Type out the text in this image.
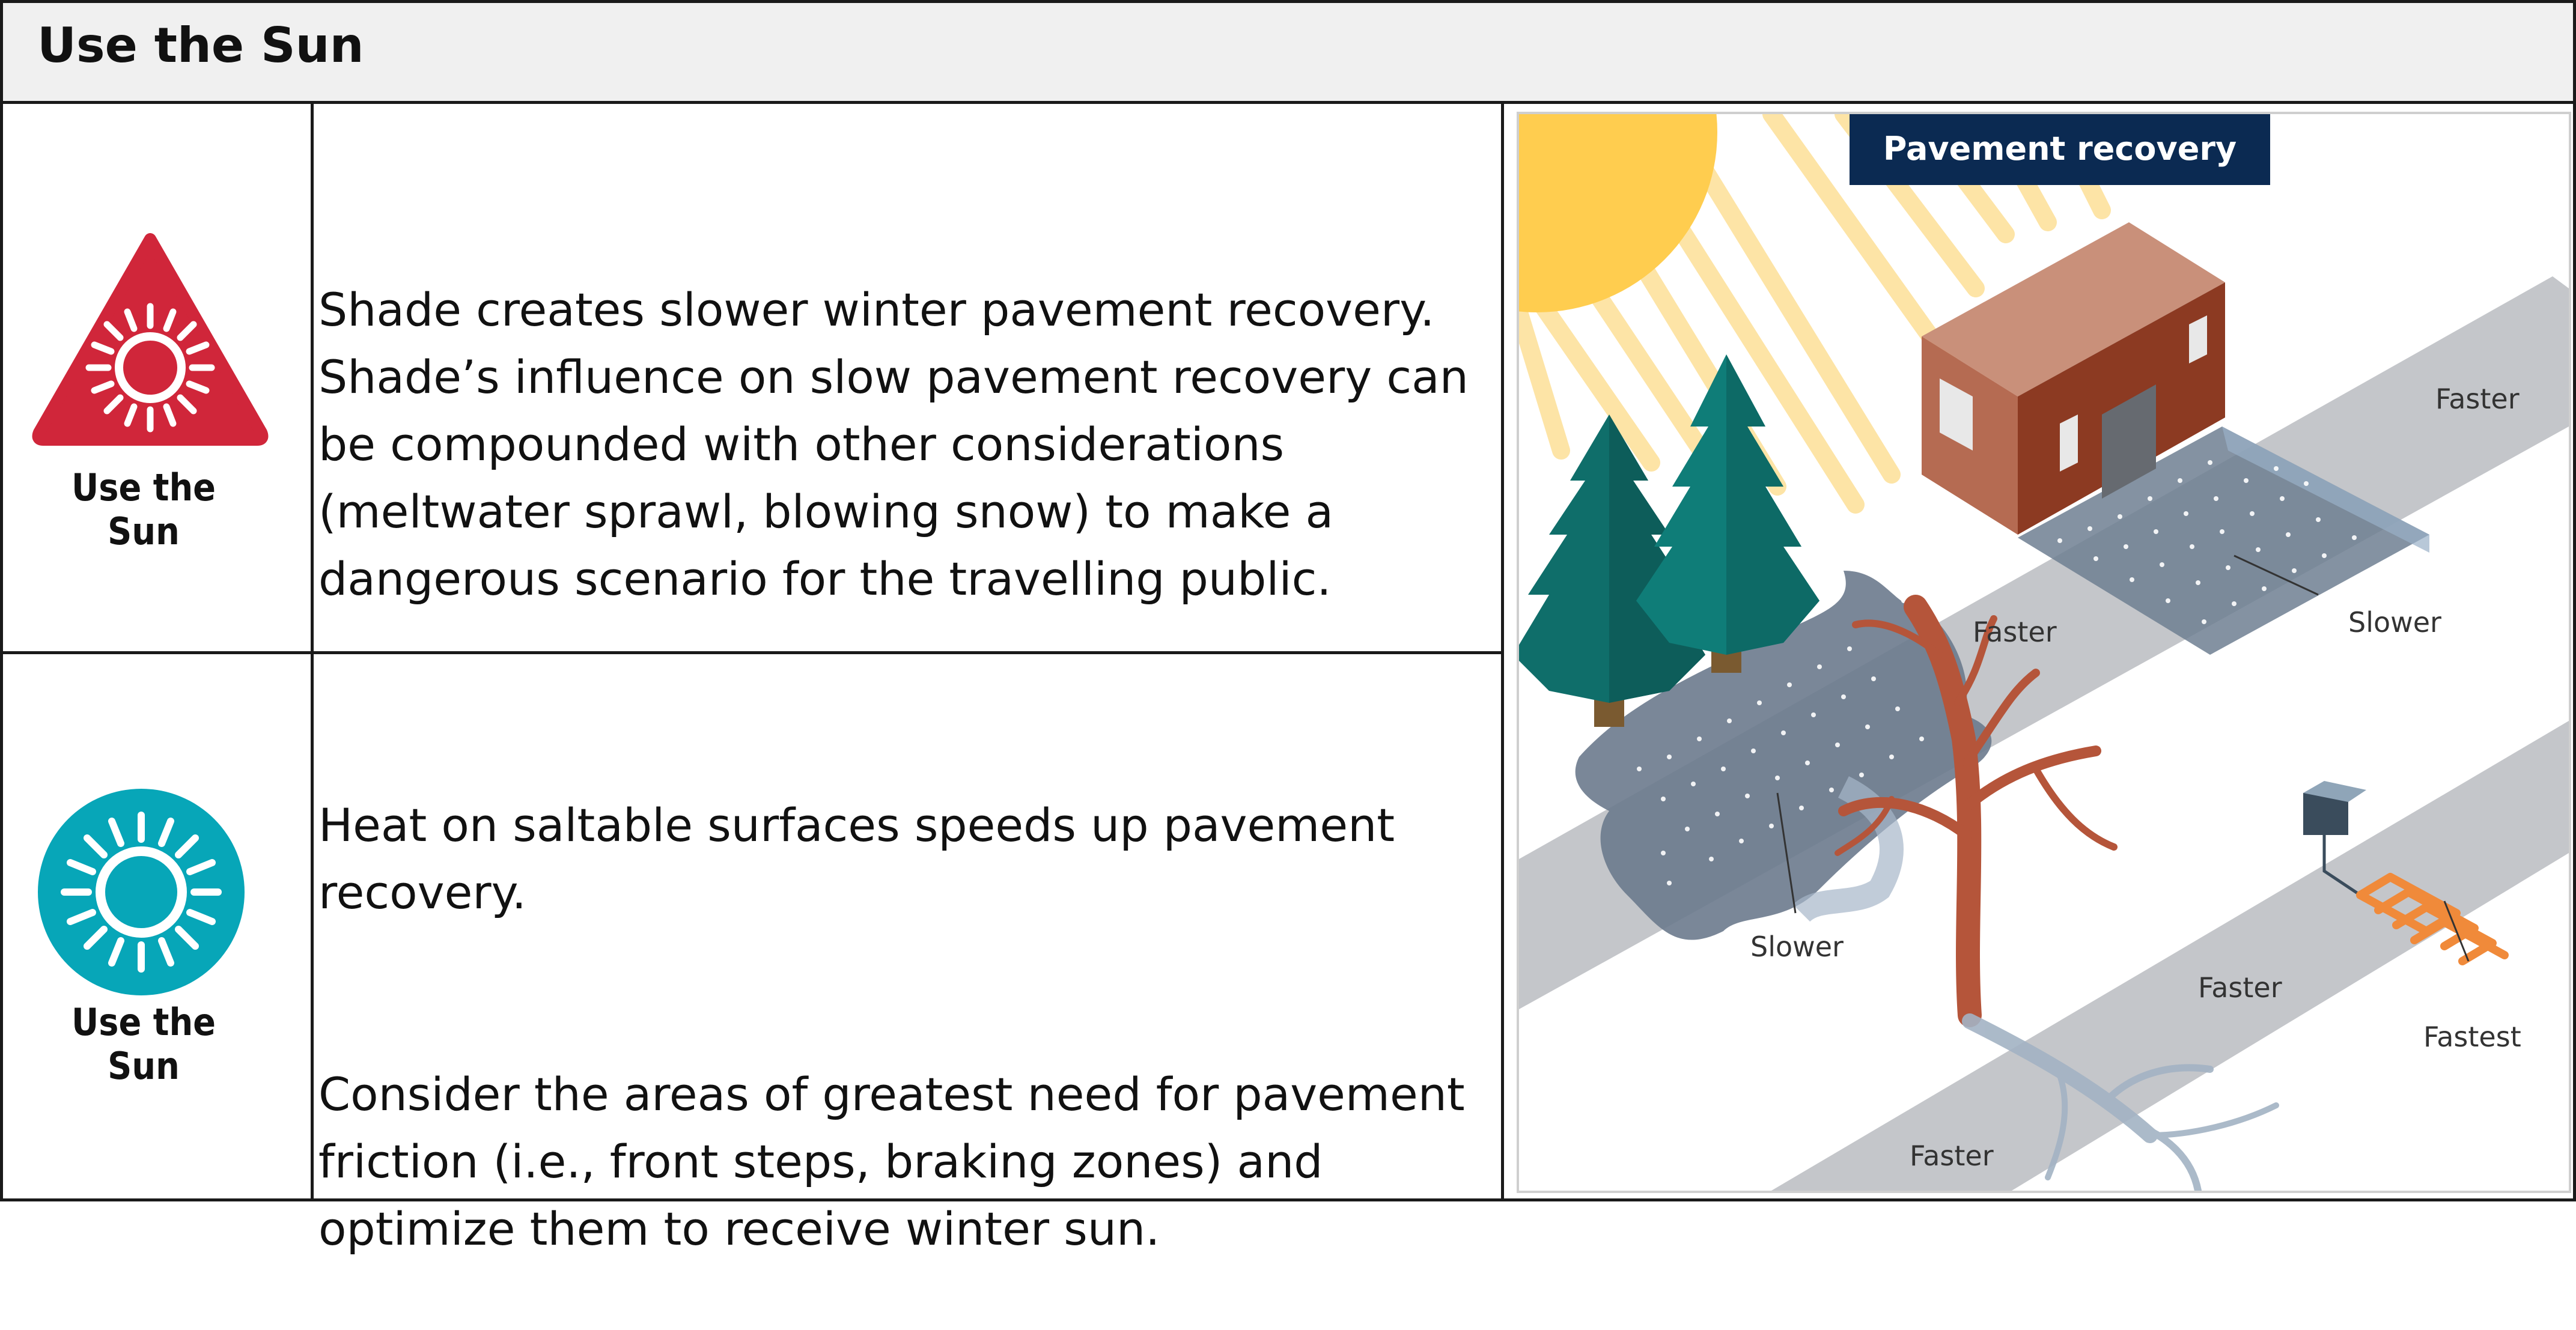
Use the Sun
Use the Sun

Shade creates slower winter pavement recovery. Shade’s influence on slow pavement recovery can be compounded with other considerations (meltwater sprawl, blowing snow) to make a dangerous scenario for the travelling public.

Use the Sun

Heat on saltable surfaces speeds up pavement recovery.

Consider the areas of greatest need for pavement friction (i.e., front steps, braking zones) and optimize them to receive winter sun.

Pavement recovery
Faster
Faster	Slower
Slower
Faster
Fastest
Faster
